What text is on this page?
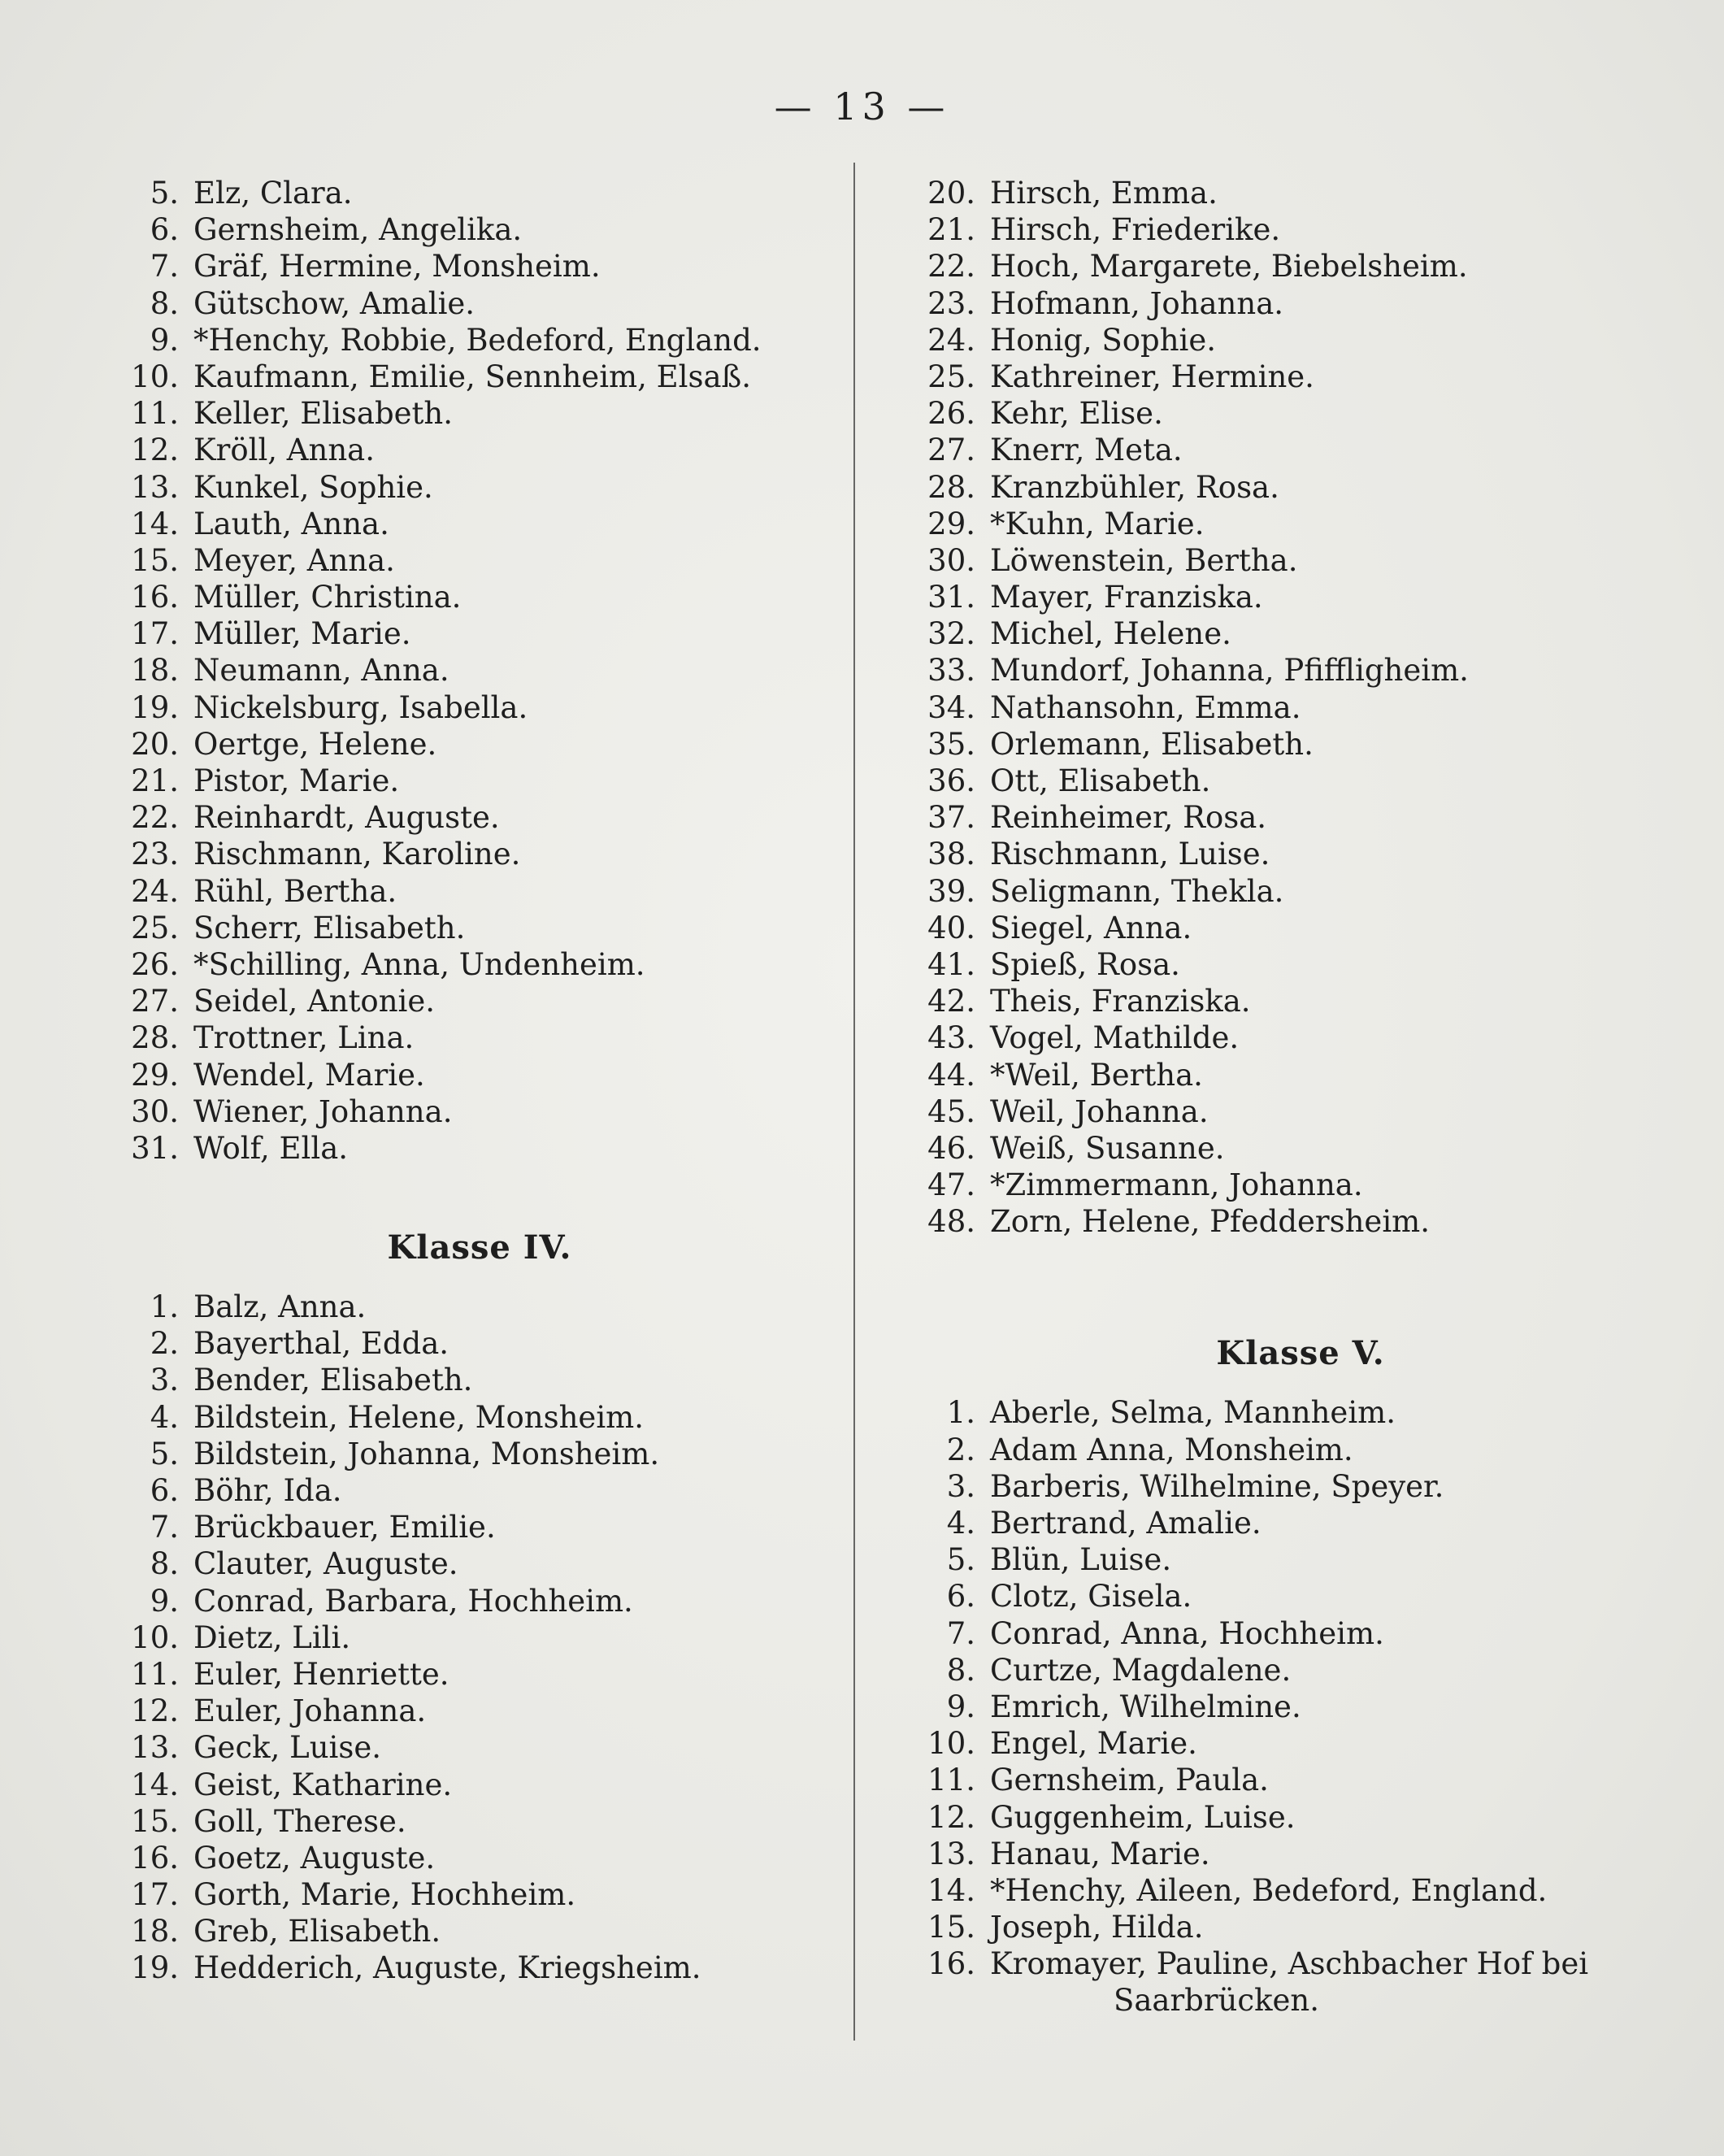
— 13 —
5. Elz, Clara.
6. Gernsheim, Angelika.
7. Gräf, Hermine, Monsheim.
8. Gütschow, Amalie.
9. *Henchy, Robbie, Bedeford, England.
10. Kaufmann, Emilie, Sennheim, Elsaß.
11. Keller, Elisabeth.
12. Kröll, Anna.
13. Kunkel, Sophie.
14. Lauth, Anna.
15. Meyer, Anna.
16. Müller, Christina.
17. Müller, Marie.
18. Neumann, Anna.
19. Nickelsburg, Isabella.
20. Oertge, Helene.
21. Pistor, Marie.
22. Reinhardt, Auguste.
23. Rischmann, Karoline.
24. Rühl, Bertha.
25. Scherr, Elisabeth.
26. *Schilling, Anna, Undenheim.
27. Seidel, Antonie.
28. Trottner, Lina.
29. Wendel, Marie.
30. Wiener, Johanna.
31. Wolf, Ella.
Klasse IV.
1. Balz, Anna.
2. Bayerthal, Edda.
3. Bender, Elisabeth.
4. Bildstein, Helene, Monsheim.
5. Bildstein, Johanna, Monsheim.
6. Böhr, Ida.
7. Brückbauer, Emilie.
8. Clauter, Auguste.
9. Conrad, Barbara, Hochheim.
10. Dietz, Lili.
11. Euler, Henriette.
12. Euler, Johanna.
13. Geck, Luise.
14. Geist, Katharine.
15. Goll, Therese.
16. Goetz, Auguste.
17. Gorth, Marie, Hochheim.
18. Greb, Elisabeth.
19. Hedderich, Auguste, Kriegsheim.
20. Hirsch, Emma.
21. Hirsch, Friederike.
22. Hoch, Margarete, Biebelsheim.
23. Hofmann, Johanna.
24. Honig, Sophie.
25. Kathreiner, Hermine.
26. Kehr, Elise.
27. Knerr, Meta.
28. Kranzbühler, Rosa.
29. *Kuhn, Marie.
30. Löwenstein, Bertha.
31. Mayer, Franziska.
32. Michel, Helene.
33. Mundorf, Johanna, Pfiffligheim.
34. Nathansohn, Emma.
35. Orlemann, Elisabeth.
36. Ott, Elisabeth.
37. Reinheimer, Rosa.
38. Rischmann, Luise.
39. Seligmann, Thekla.
40. Siegel, Anna.
41. Spieß, Rosa.
42. Theis, Franziska.
43. Vogel, Mathilde.
44. *Weil, Bertha.
45. Weil, Johanna.
46. Weiß, Susanne.
47. *Zimmermann, Johanna.
48. Zorn, Helene, Pfeddersheim.
Klasse V.
1. Aberle, Selma, Mannheim.
2. Adam Anna, Monsheim.
3. Barberis, Wilhelmine, Speyer.
4. Bertrand, Amalie.
5. Blün, Luise.
6. Clotz, Gisela.
7. Conrad, Anna, Hochheim.
8. Curtze, Magdalene.
9. Emrich, Wilhelmine.
10. Engel, Marie.
11. Gernsheim, Paula.
12. Guggenheim, Luise.
13. Hanau, Marie.
14. *Henchy, Aileen, Bedeford, England.
15. Joseph, Hilda.
16. Kromayer, Pauline, Aschbacher Hof bei
Saarbrücken.
